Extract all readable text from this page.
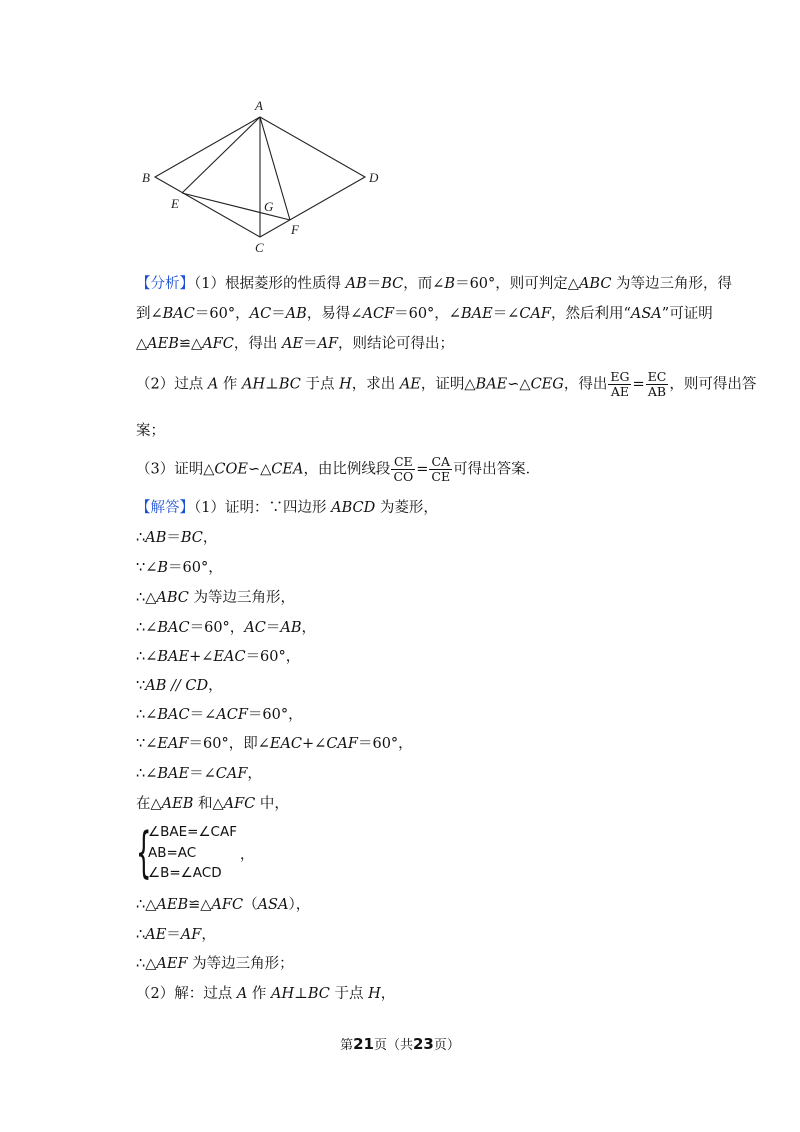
A
B
C
D
E
F
G
【分析】（1）根据菱形的性质得 AB＝BC，而∠B＝60°，则可判定△ABC 为等边三角形，得
到∠BAC＝60°，AC＝AB，易得∠ACF＝60°，∠BAE＝∠CAF，然后利用“ASA”可证明
△AEB≌△AFC，得出 AE＝AF，则结论可得出；
（2）过点 A 作 AH⊥BC 于点 H，求出 AE，证明△BAE∽△CEG，得出 $\frac{EG}{AE} = \frac{EC}{AB}$ ，则可得出答
案；
（3）证明△COE∽△CEA，由比例线段 $\frac{CE}{CO} = \frac{CA}{CE}$ 可得出答案．
【解答】（1）证明：∵四边形 ABCD 为菱形，
∴AB＝BC，
∵∠B＝60°，
∴△ABC 为等边三角形，
∴∠BAC＝60°，AC＝AB，
∴∠BAE+∠EAC＝60°，
∵AB // CD，
∴∠BAC＝∠ACF＝60°，
∵∠EAF＝60°，即∠EAC+∠CAF＝60°，
∴∠BAE＝∠CAF，
在△AEB 和△AFC 中，
{
∠BAE=∠CAF
AB=AC
∠B=∠ACD
，
∴△AEB≌△AFC（ASA），
∴AE＝AF，
∴△AEF 为等边三角形；
（2）解：过点 A 作 AH⊥BC 于点 H，
第21页（共23页）
